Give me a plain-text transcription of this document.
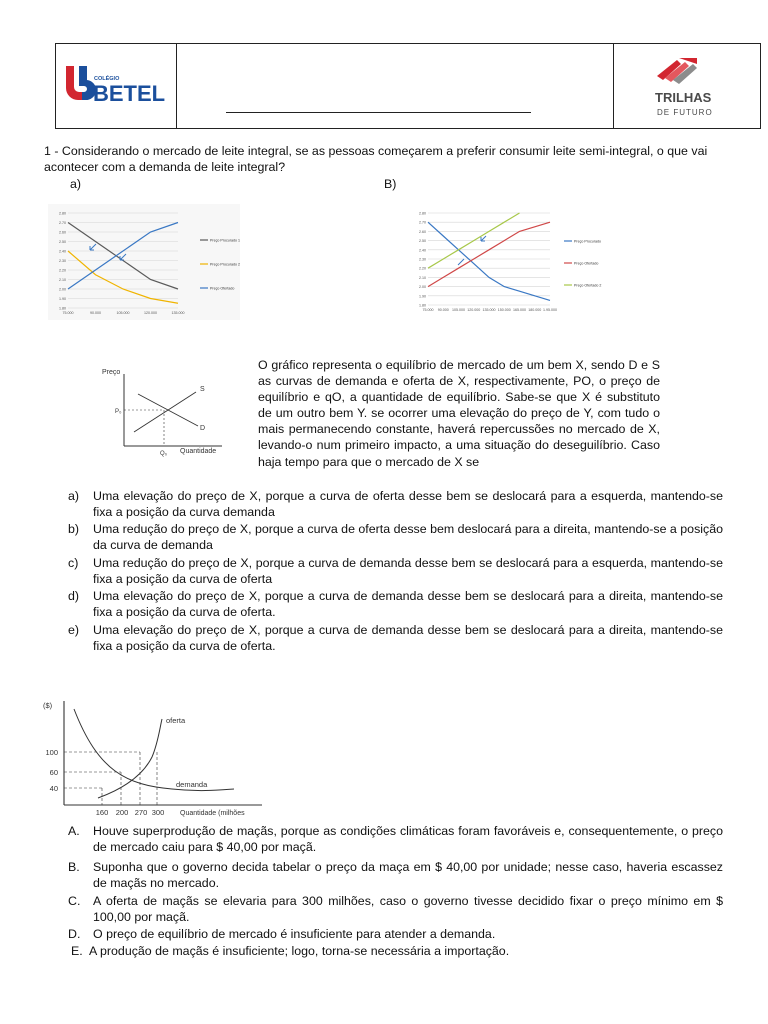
COLÉGIO
BETEL	TRILHAS
DE FUTURO
1 - Considerando o mercado de leite integral, se as pessoas começarem a preferir consumir leite semi-integral, o que vai acontecer com a demanda de leite integral?
a)	B)
1.80
1.90
2.00
2.10
2.20
2.30
2.40
2.50
2.60
2.70
2.80
75.000	90.000	105.000	120.000	135.000
Preço Procurado 1
Preço Procurado 2
Preço Ofertado
1.80
1.90
2.00
2.10
2.20
2.30
2.40
2.50
2.60
2.70
2.80
75.000 90.000 105.000 120.000 135.000 150.000 165.000 180.000 1.95.000
Preço Procurado
Preço Ofertado
Preço Ofertado 2
Preço
S
D
P₀
Q₀ Quantidade
O gráfico representa o equilíbrio de mercado de um bem X, sendo D e S as curvas de demanda e oferta de X, respectivamente, PO, o preço de equilíbrio e qO, a quantidade de equilíbrio. Sabe-se que X é substituto de um outro bem Y. se ocorrer uma elevação do preço de Y, com tudo o mais permanecendo constante, haverá repercussões no mercado de X, levando-o num primeiro impacto, a uma situação do deseguilíbrio. Caso haja tempo para que o mercado de X se
a) Uma elevação do preço de X, porque a curva de oferta desse bem se deslocará para a esquerda, mantendo-se fixa a posição da curva demanda
b) Uma redução do preço de X, porque a curva de oferta desse bem deslocará para a direita, mantendo-se a posição da curva de demanda
c) Uma redução do preço de X, porque a curva de demanda desse bem se deslocará para a esquerda, mantendo-se fixa a posição da curva de oferta
d) Uma elevação do preço de X, porque a curva de demanda desse bem se deslocará para a direita, mantendo-se fixa a posição da curva de oferta.
e) Uma elevação do preço de X, porque a curva de demanda desse bem se deslocará para a direita, mantendo-se fixa a posição da curva de oferta.
($)
100
60
40
160 200 270 300
oferta
demanda
Quantidade (milhões
A. Houve superprodução de maçãs, porque as condições climáticas foram favoráveis e, consequentemente, o preço de mercado caiu para $ 40,00 por maçã.
B. Suponha que o governo decida tabelar o preço da maça em $ 40,00 por unidade; nesse caso, haveria escassez de maçãs no mercado.
C. A oferta de maçãs se elevaria para 300 milhões, caso o governo tivesse decidido fixar o preço mínimo em $ 100,00 por maçã.
D. O preço de equilíbrio de mercado é insuficiente para atender a demanda.
E. A produção de maçãs é insuficiente; logo, torna-se necessária a importação.
